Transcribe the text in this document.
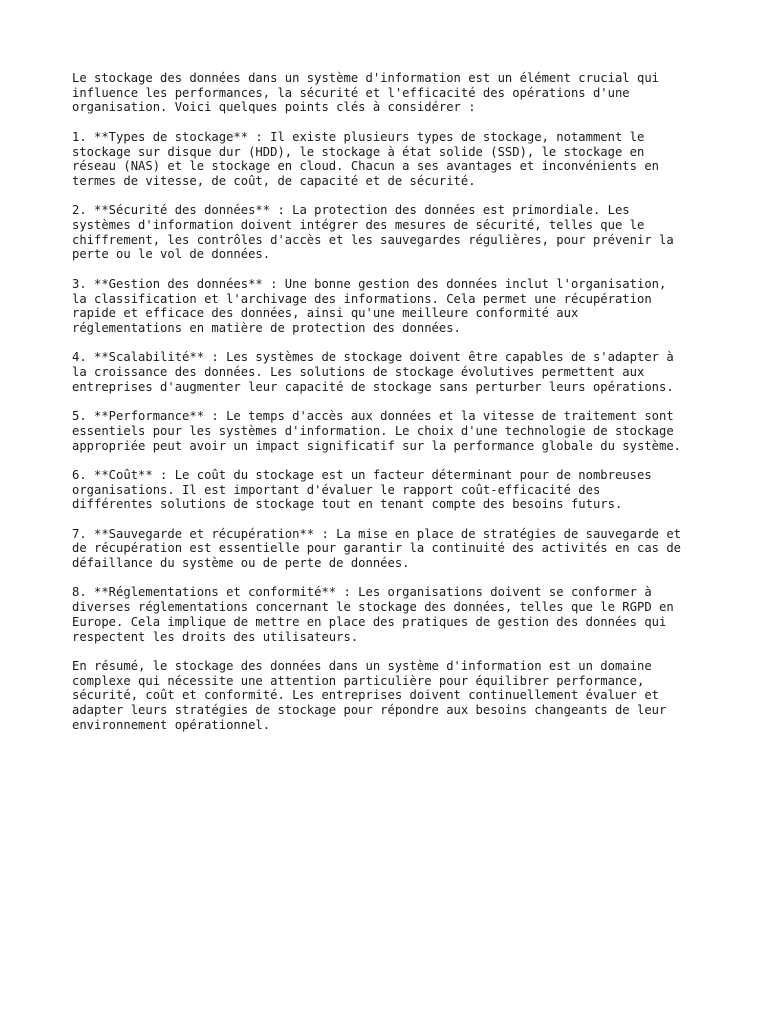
Le stockage des données dans un système d'information est un élément crucial qui
influence les performances, la sécurité et l'efficacité des opérations d'une
organisation. Voici quelques points clés à considérer :

1. **Types de stockage** : Il existe plusieurs types de stockage, notamment le
stockage sur disque dur (HDD), le stockage à état solide (SSD), le stockage en
réseau (NAS) et le stockage en cloud. Chacun a ses avantages et inconvénients en
termes de vitesse, de coût, de capacité et de sécurité.

2. **Sécurité des données** : La protection des données est primordiale. Les
systèmes d'information doivent intégrer des mesures de sécurité, telles que le
chiffrement, les contrôles d'accès et les sauvegardes régulières, pour prévenir la
perte ou le vol de données.

3. **Gestion des données** : Une bonne gestion des données inclut l'organisation,
la classification et l'archivage des informations. Cela permet une récupération
rapide et efficace des données, ainsi qu'une meilleure conformité aux
réglementations en matière de protection des données.

4. **Scalabilité** : Les systèmes de stockage doivent être capables de s'adapter à
la croissance des données. Les solutions de stockage évolutives permettent aux
entreprises d'augmenter leur capacité de stockage sans perturber leurs opérations.

5. **Performance** : Le temps d'accès aux données et la vitesse de traitement sont
essentiels pour les systèmes d'information. Le choix d'une technologie de stockage
appropriée peut avoir un impact significatif sur la performance globale du système.

6. **Coût** : Le coût du stockage est un facteur déterminant pour de nombreuses
organisations. Il est important d'évaluer le rapport coût-efficacité des
différentes solutions de stockage tout en tenant compte des besoins futurs.

7. **Sauvegarde et récupération** : La mise en place de stratégies de sauvegarde et
de récupération est essentielle pour garantir la continuité des activités en cas de
défaillance du système ou de perte de données.

8. **Réglementations et conformité** : Les organisations doivent se conformer à
diverses réglementations concernant le stockage des données, telles que le RGPD en
Europe. Cela implique de mettre en place des pratiques de gestion des données qui
respectent les droits des utilisateurs.

En résumé, le stockage des données dans un système d'information est un domaine
complexe qui nécessite une attention particulière pour équilibrer performance,
sécurité, coût et conformité. Les entreprises doivent continuellement évaluer et
adapter leurs stratégies de stockage pour répondre aux besoins changeants de leur
environnement opérationnel.
